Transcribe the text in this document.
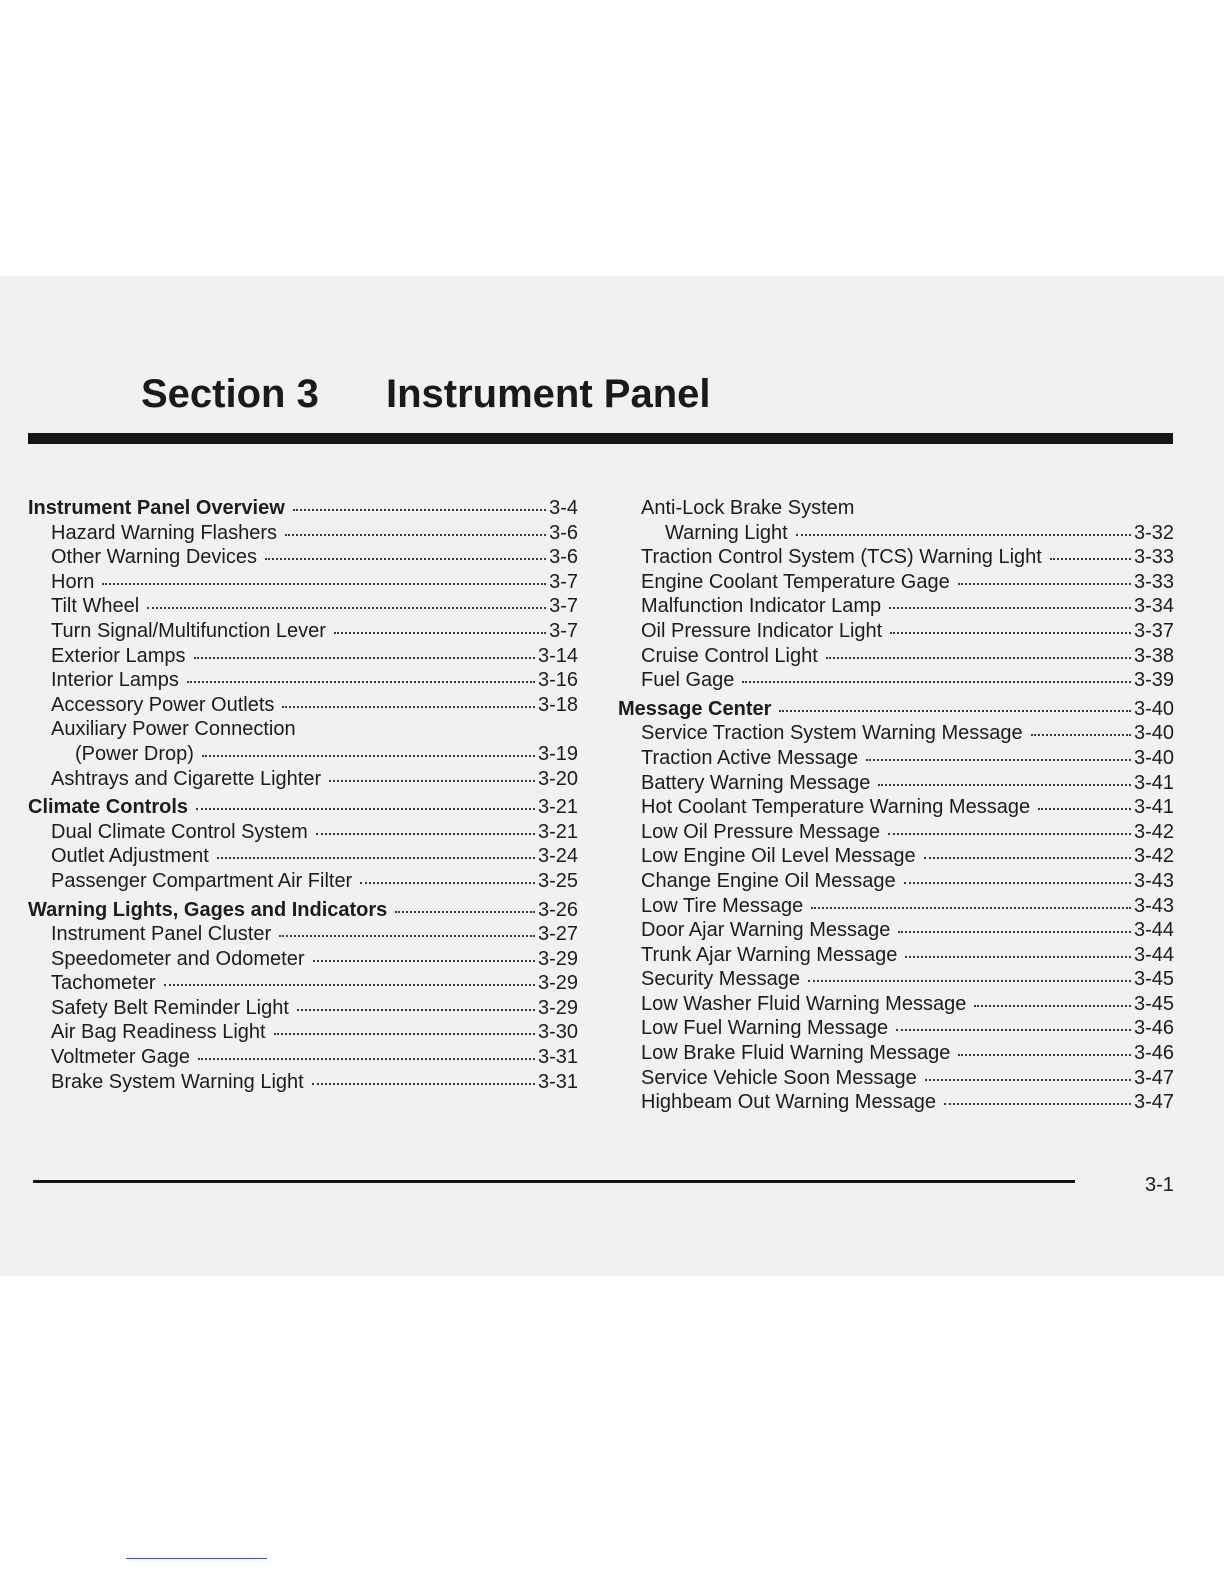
Section 3 Instrument Panel
Instrument Panel Overview	3-4
Hazard Warning Flashers	3-6
Other Warning Devices	3-6
Horn	3-7
Tilt Wheel	3-7
Turn Signal/Multifunction Lever	3-7
Exterior Lamps	3-14
Interior Lamps	3-16
Accessory Power Outlets	3-18
Auxiliary Power Connection
(Power Drop)	3-19
Ashtrays and Cigarette Lighter	3-20
Climate Controls	3-21
Dual Climate Control System	3-21
Outlet Adjustment	3-24
Passenger Compartment Air Filter	3-25
Warning Lights, Gages and Indicators	3-26
Instrument Panel Cluster	3-27
Speedometer and Odometer	3-29
Tachometer	3-29
Safety Belt Reminder Light	3-29
Air Bag Readiness Light	3-30
Voltmeter Gage	3-31
Brake System Warning Light	3-31
Anti-Lock Brake System
Warning Light	3-32
Traction Control System (TCS) Warning Light	3-33
Engine Coolant Temperature Gage	3-33
Malfunction Indicator Lamp	3-34
Oil Pressure Indicator Light	3-37
Cruise Control Light	3-38
Fuel Gage	3-39
Message Center	3-40
Service Traction System Warning Message	3-40
Traction Active Message	3-40
Battery Warning Message	3-41
Hot Coolant Temperature Warning Message	3-41
Low Oil Pressure Message	3-42
Low Engine Oil Level Message	3-42
Change Engine Oil Message	3-43
Low Tire Message	3-43
Door Ajar Warning Message	3-44
Trunk Ajar Warning Message	3-44
Security Message	3-45
Low Washer Fluid Warning Message	3-45
Low Fuel Warning Message	3-46
Low Brake Fluid Warning Message	3-46
Service Vehicle Soon Message	3-47
Highbeam Out Warning Message	3-47
3-1
